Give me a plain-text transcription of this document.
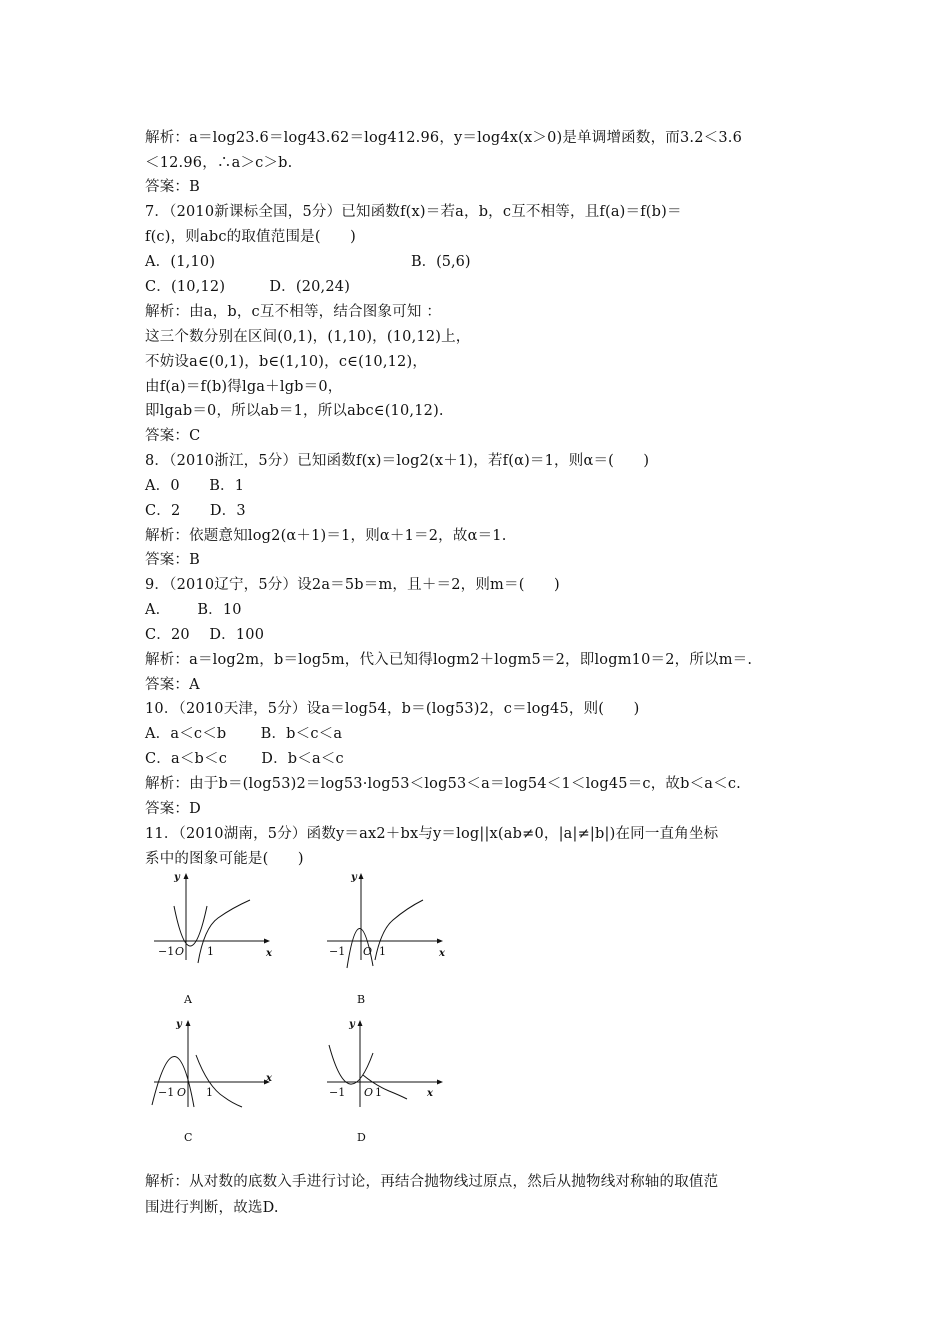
解析：a＝log23.6＝log43.62＝log412.96，y＝log4x(x＞0)是单调增函数，而3.2＜3.6
＜12.96，∴a＞c＞b.
答案：B
7．（2010新课标全国，5分）已知函数f(x)＝若a，b，c互不相等，且f(a)＝f(b)＝
f(c)，则abc的取值范围是(　　)
A．(1,10)	B．(5,6)
C．(10,12)　　　D．(20,24)
解析：由a，b，c互不相等，结合图象可知 ：
这三个数分别在区间(0,1)，(1,10)，(10,12)上，
不妨设a∈(0,1)，b∈(1,10)，c∈(10,12)，
由f(a)＝f(b)得lga＋lgb＝0，
即lgab＝0，所以ab＝1，所以abc∈(10,12).
答案：C
8．（2010浙江，5分）已知函数f(x)＝log2(x＋1)，若f(α)＝1，则α＝(　　)
A．0　　B．1
C．2　　D．3
解析：依题意知log2(α＋1)＝1，则α＋1＝2，故α＝1.
答案：B
9．（2010辽宁，5分）设2a＝5b＝m，且＋＝2，则m＝(　　)
A．　　 B．10
C．20　 D．100
解析：a＝log2m，b＝log5m，代入已知得logm2＋logm5＝2，即logm10＝2，所以m＝.
答案：A
10．（2010天津，5分）设a＝log54，b＝(log53)2，c＝log45，则(　　)
A．a＜c＜b　　 B．b＜c＜a
C．a＜b＜c　　 D．b＜a＜c
解析：由于b＝(log53)2＝log53·log53＜log53＜a＝log54＜1＜log45＝c，故b＜a＜c.
答案：D
11．（2010湖南，5分）函数y＝ax2＋bx与y＝log||x(ab≠0，|a|≠|b|)在同一直角坐标
系中的图象可能是(　　)
y
x
−1 O 1
A
y
x
−1 O 1
B
y
x
−1 O 1
C
y
x
−1 O 1
D
解析：从对数的底数入手进行讨论，再结合抛物线过原点，然后从抛物线对称轴的取值范
围进行判断，故选D.
